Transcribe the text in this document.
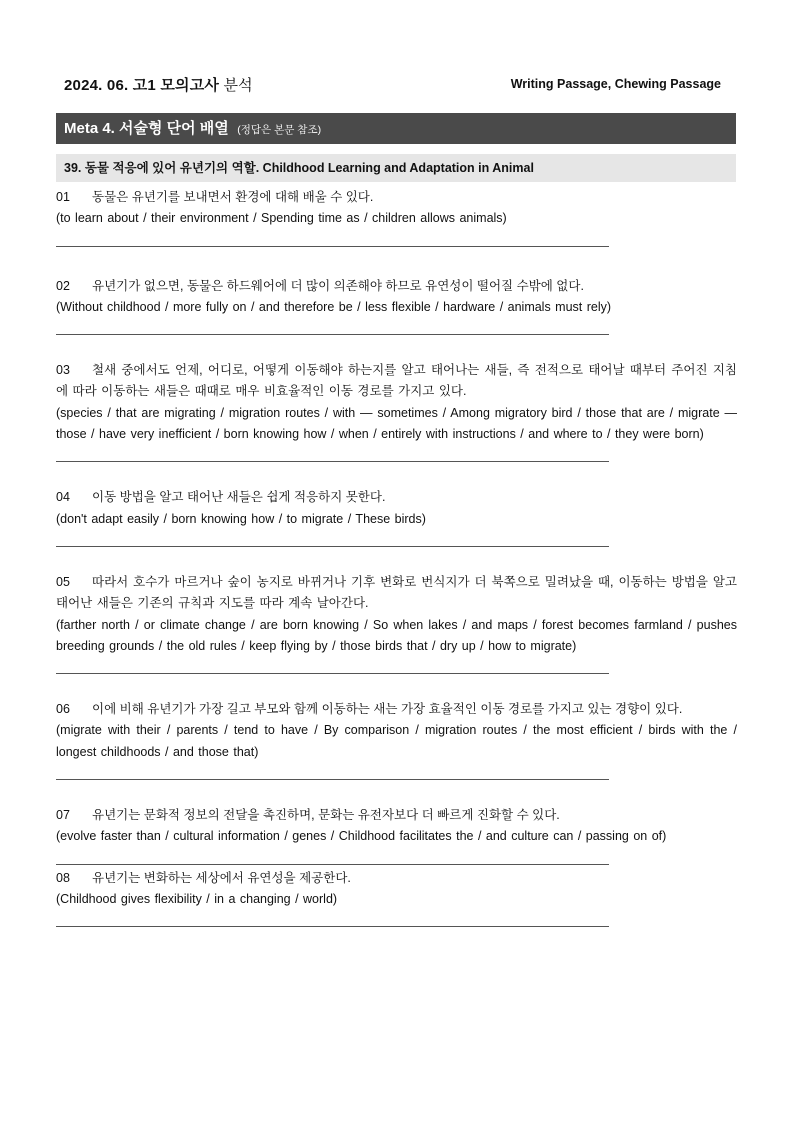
2024. 06. 고1 모의고사 분석	Writing Passage, Chewing Passage
Meta 4. 서술형 단어 배열 (정답은 본문 참조)
39. 동물 적응에 있어 유년기의 역할. Childhood Learning and Adaptation in Animal
01 동물은 유년기를 보내면서 환경에 대해 배울 수 있다.
(to learn about / their environment / Spending time as / children allows animals)
02 유년기가 없으면, 동물은 하드웨어에 더 많이 의존해야 하므로 유연성이 떨어질 수밖에 없다.
(Without childhood / more fully on / and therefore be / less flexible / hardware / animals must rely)
03 철새 중에서도 언제, 어디로, 어떻게 이동해야 하는지를 알고 태어나는 새들, 즉 전적으로 태어날 때부터 주어진 지침에 따라 이동하는 새들은 때때로 매우 비효율적인 이동 경로를 가지고 있다.
(species / that are migrating / migration routes / with — sometimes / Among migratory bird / those that are / migrate — those / have very inefficient / born knowing how / when / entirely with instructions / and where to / they were born)
04 이동 방법을 알고 태어난 새들은 쉽게 적응하지 못한다.
(don't adapt easily / born knowing how / to migrate / These birds)
05 따라서 호수가 마르거나 숲이 농지로 바뀌거나 기후 변화로 번식지가 더 북쪽으로 밀려났을 때, 이동하는 방법을 알고 태어난 새들은 기존의 규칙과 지도를 따라 계속 날아간다.
(farther north / or climate change / are born knowing / So when lakes / and maps / forest becomes farmland / pushes breeding grounds / the old rules / keep flying by / those birds that / dry up / how to migrate)
06 이에 비해 유년기가 가장 길고 부모와 함께 이동하는 새는 가장 효율적인 이동 경로를 가지고 있는 경향이 있다.
(migrate with their / parents / tend to have / By comparison / migration routes / the most efficient / birds with the / longest childhoods / and those that)
07 유년기는 문화적 정보의 전달을 촉진하며, 문화는 유전자보다 더 빠르게 진화할 수 있다.
(evolve faster than / cultural information / genes / Childhood facilitates the / and culture can / passing on of)
08 유년기는 변화하는 세상에서 유연성을 제공한다.
(Childhood gives flexibility / in a changing / world)
